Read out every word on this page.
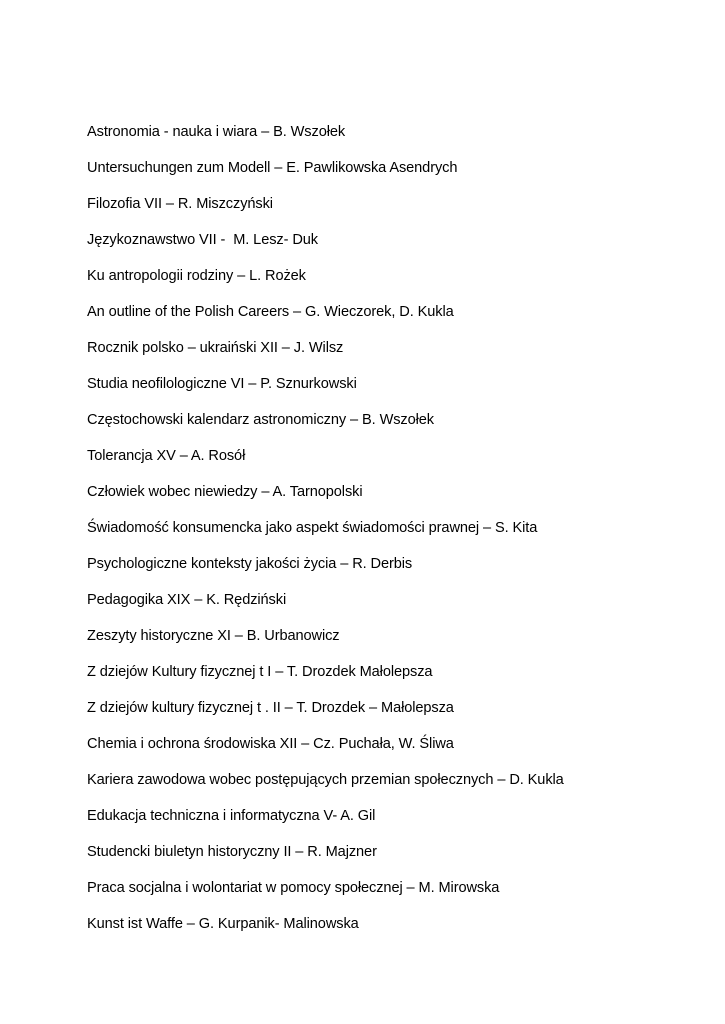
Astronomia - nauka i wiara – B. Wszołek
Untersuchungen zum Modell – E. Pawlikowska Asendrych
Filozofia VII – R. Miszczyński
Językoznawstwo VII -  M. Lesz- Duk
Ku antropologii rodziny – L. Rożek
An outline of the Polish Careers – G. Wieczorek, D. Kukla
Rocznik polsko – ukraiński XII – J. Wilsz
Studia neofilologiczne VI – P. Sznurkowski
Częstochowski kalendarz astronomiczny – B. Wszołek
Tolerancja XV – A. Rosół
Człowiek wobec niewiedzy – A. Tarnopolski
Świadomość konsumencka jako aspekt świadomości prawnej – S. Kita
Psychologiczne konteksty jakości życia – R. Derbis
Pedagogika XIX – K. Rędziński
Zeszyty historyczne XI – B. Urbanowicz
Z dziejów Kultury fizycznej t I – T. Drozdek Małolepsza
Z dziejów kultury fizycznej t . II – T. Drozdek – Małolepsza
Chemia i ochrona środowiska XII – Cz. Puchała, W. Śliwa
Kariera zawodowa wobec postępujących przemian społecznych – D. Kukla
Edukacja techniczna i informatyczna V- A. Gil
Studencki biuletyn historyczny II – R. Majzner
Praca socjalna i wolontariat w pomocy społecznej – M. Mirowska
Kunst ist Waffe – G. Kurpanik- Malinowska
